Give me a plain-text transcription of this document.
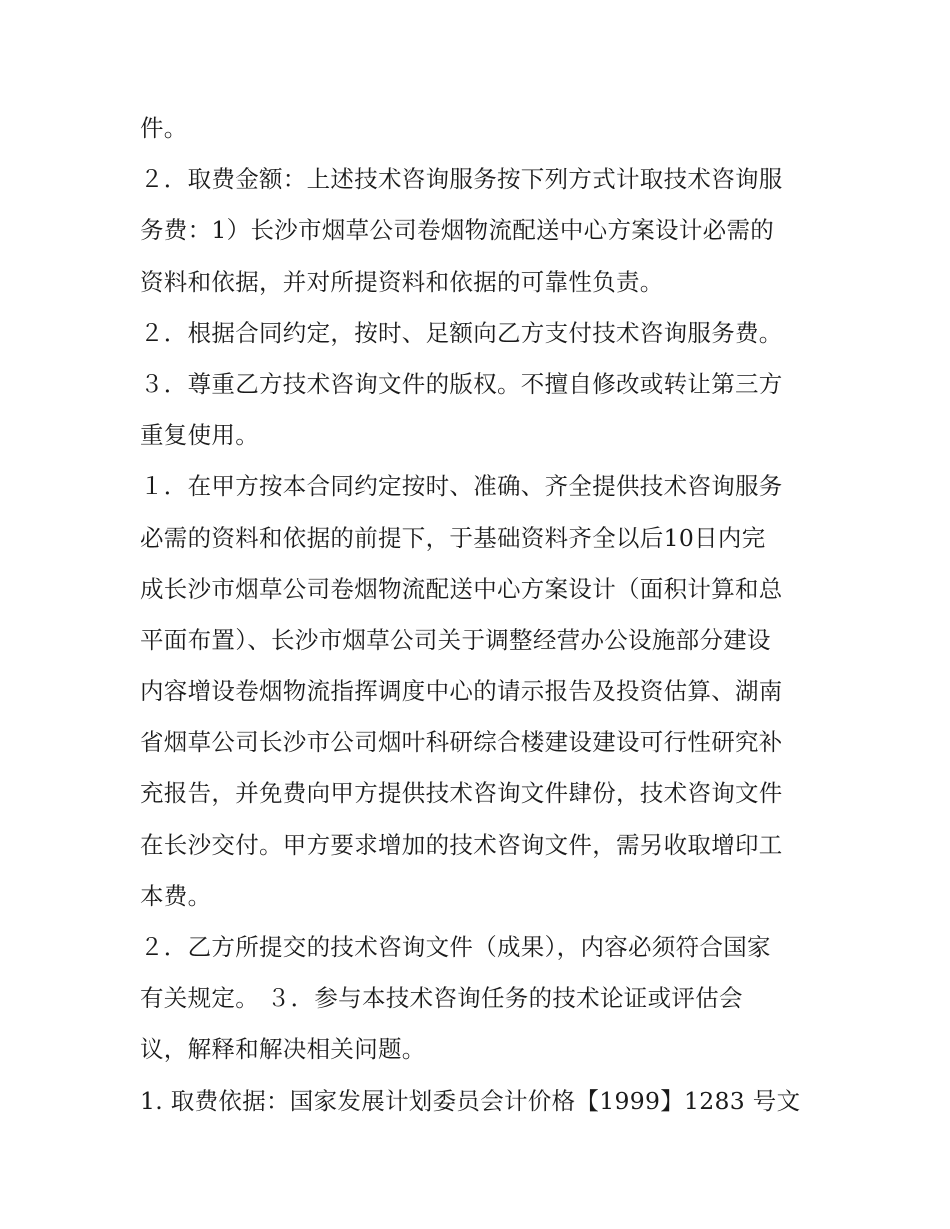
件。
２．取费金额：上述技术咨询服务按下列方式计取技术咨询服
务费：1）长沙市烟草公司卷烟物流配送中心方案设计必需的
资料和依据，并对所提资料和依据的可靠性负责。
２．根据合同约定，按时、足额向乙方支付技术咨询服务费。
３．尊重乙方技术咨询文件的版权。不擅自修改或转让第三方
重复使用。
１．在甲方按本合同约定按时、准确、齐全提供技术咨询服务
必需的资料和依据的前提下，于基础资料齐全以后10日内完
成长沙市烟草公司卷烟物流配送中心方案设计（面积计算和总
平面布置）、长沙市烟草公司关于调整经营办公设施部分建设
内容增设卷烟物流指挥调度中心的请示报告及投资估算、湖南
省烟草公司长沙市公司烟叶科研综合楼建设建设可行性研究补
充报告，并免费向甲方提供技术咨询文件肆份，技术咨询文件
在长沙交付。甲方要求增加的技术咨询文件，需另收取增印工
本费。
２．乙方所提交的技术咨询文件（成果），内容必须符合国家
有关规定。 ３．参与本技术咨询任务的技术论证或评估会
议，解释和解决相关问题。
1. 取费依据：国家发展计划委员会计价格【1999】1283 号文
